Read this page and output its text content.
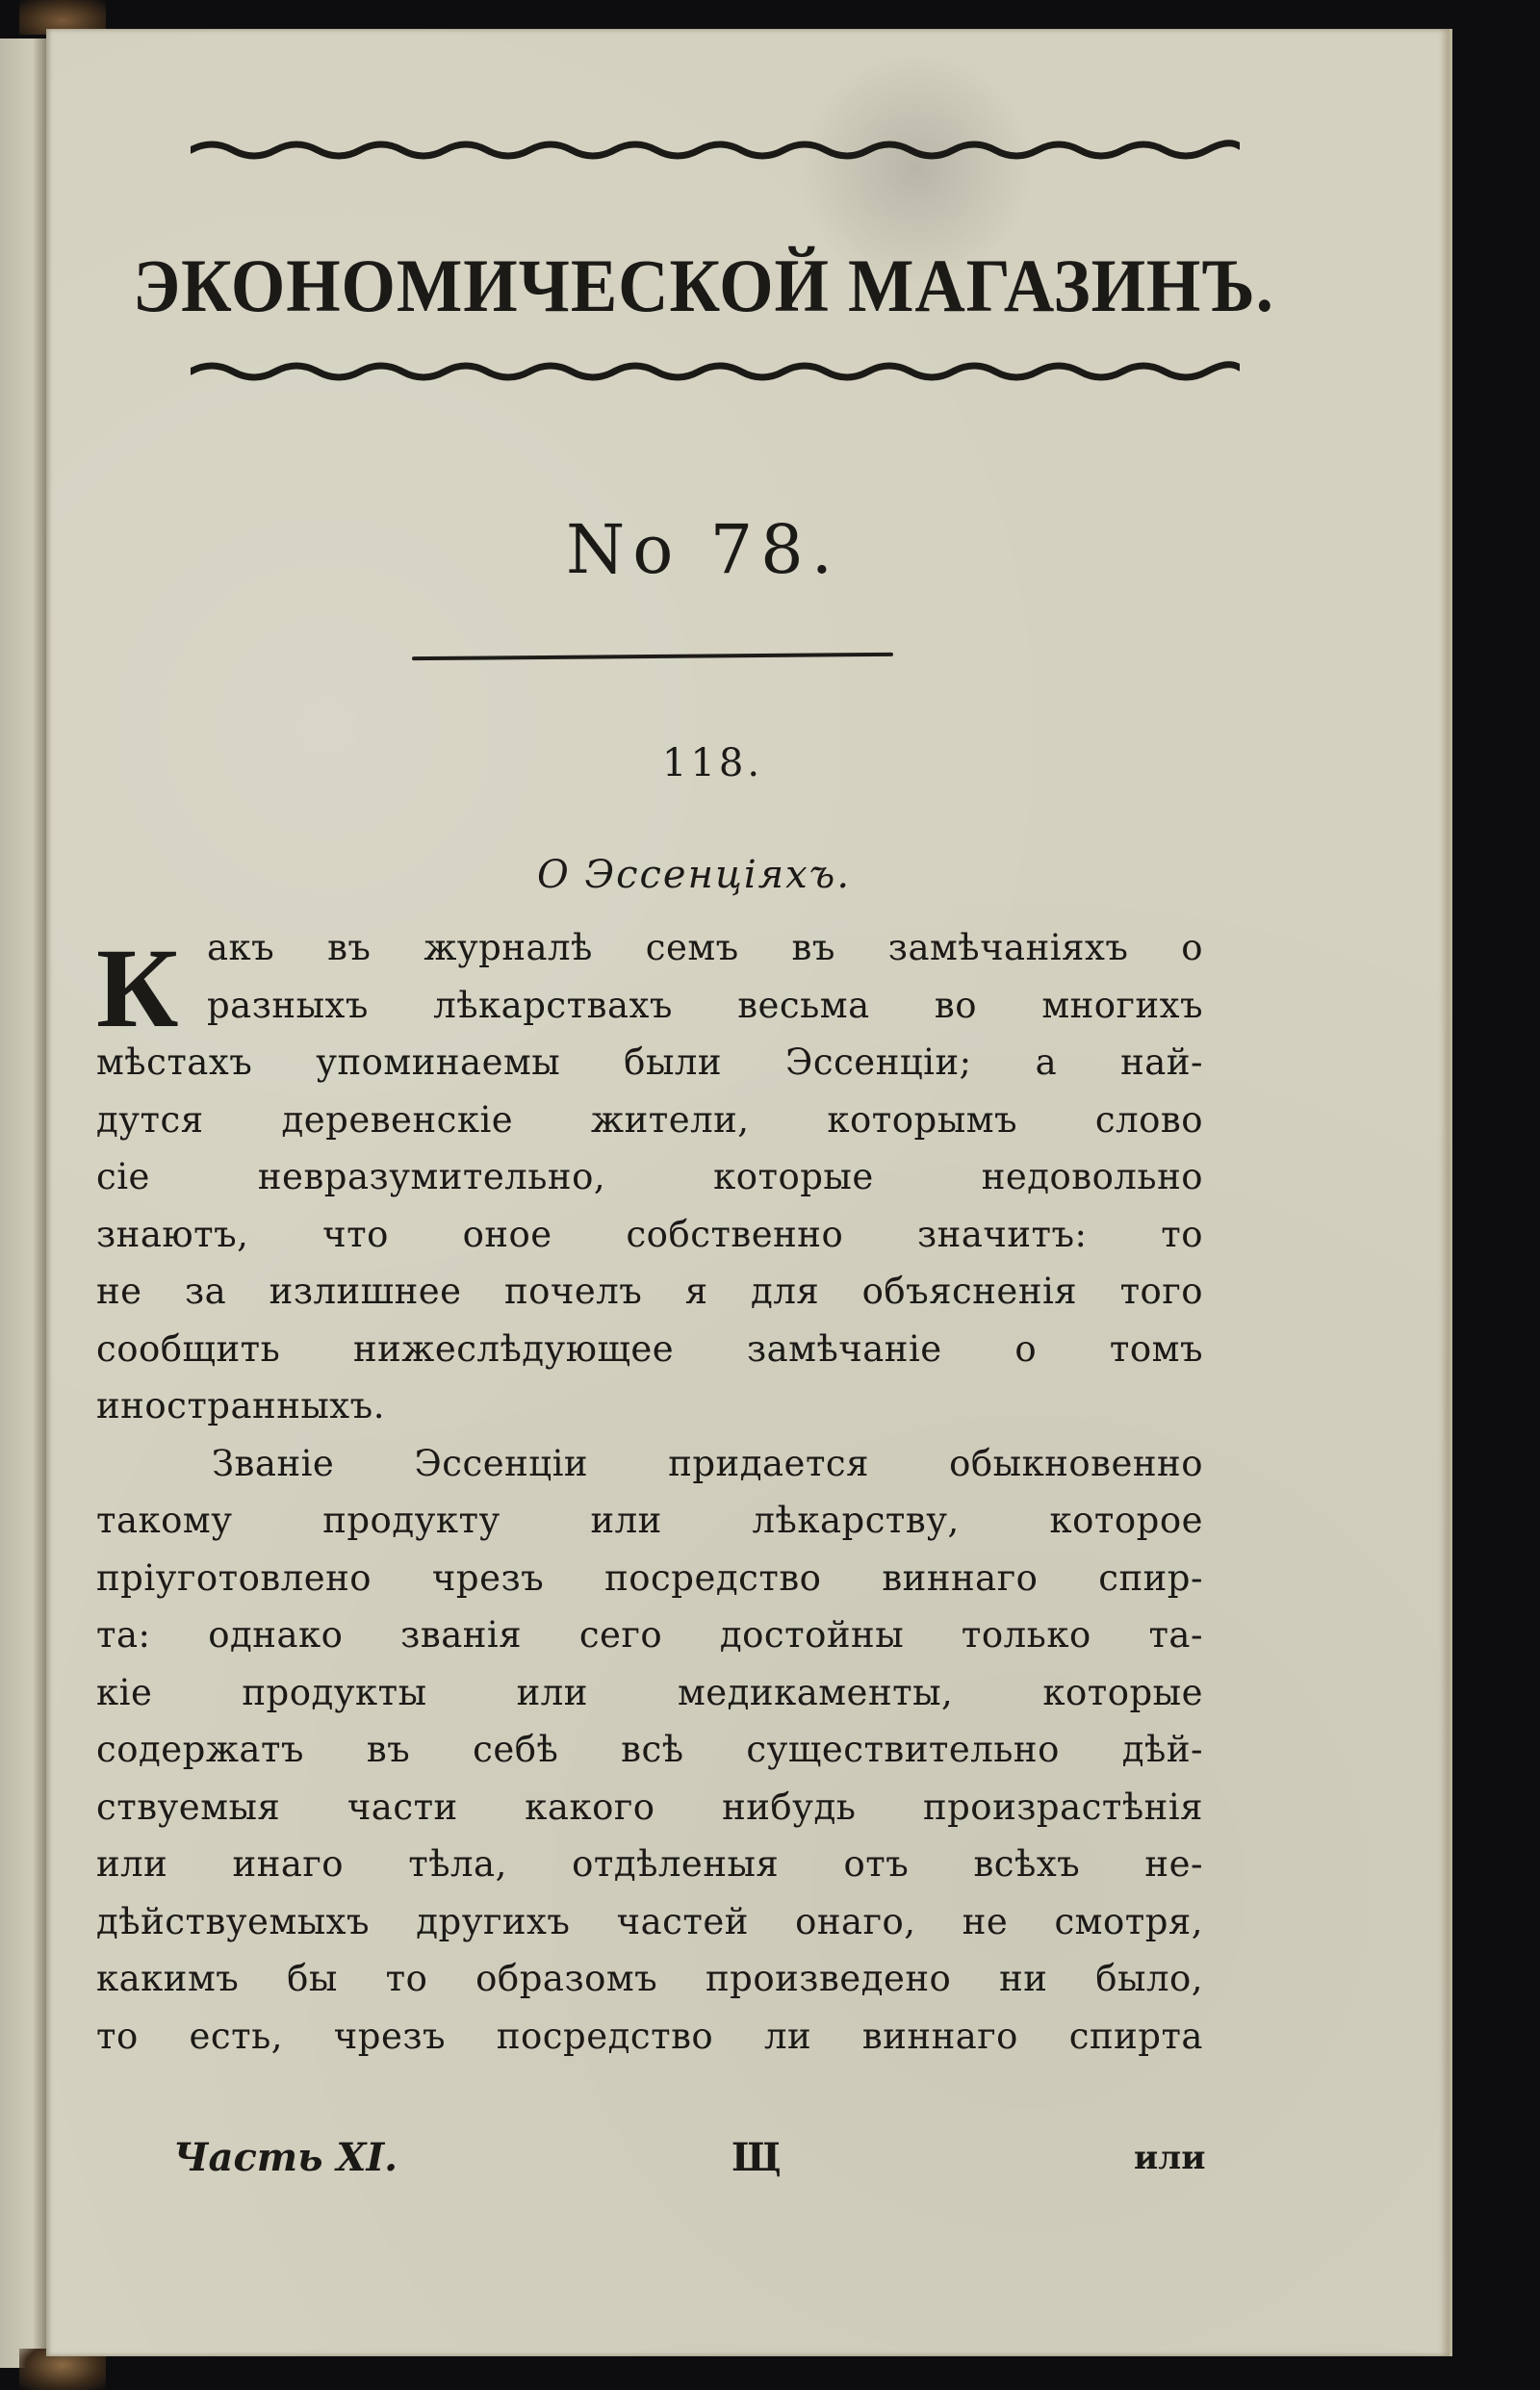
ЭКОНОМИЧЕСКОЙ МАГАЗИНЪ.
No 78.
118.
О Эссенцiяхъ.
К акъ въ журналѣ семъ въ замѣчанiяхъ о
разныхъ лѣкарствахъ весьма во многихъ
мѣстахъ упоминаемы были Эссенцiи; а най-
дутся деревенскiе жители, которымъ слово
сiе невразумительно, которые недовольно
знаютъ, что оное собственно значитъ: то
не за излишнее почелъ я для объясненiя того
сообщить нижеслѣдующее замѣчанiе о томъ
иностранныхъ.
Званiе Эссенцiи придается обыкновенно
такому продукту или лѣкарству, которое
прiуготовлено чрезъ посредство виннаго спир-
та: однако званiя сего достойны только та-
кiе продукты или медикаменты, которые
содержатъ въ себѣ всѣ существительно дѣй-
ствуемыя части какого нибудь произрастѣнiя
или инаго тѣла, отдѣленыя отъ всѣхъ не-
дѣйствуемыхъ другихъ частей онаго, не смотря,
какимъ бы то образомъ произведено ни было,
то есть, чрезъ посредство ли виннаго спирта
Часть XI.	Щ	или
